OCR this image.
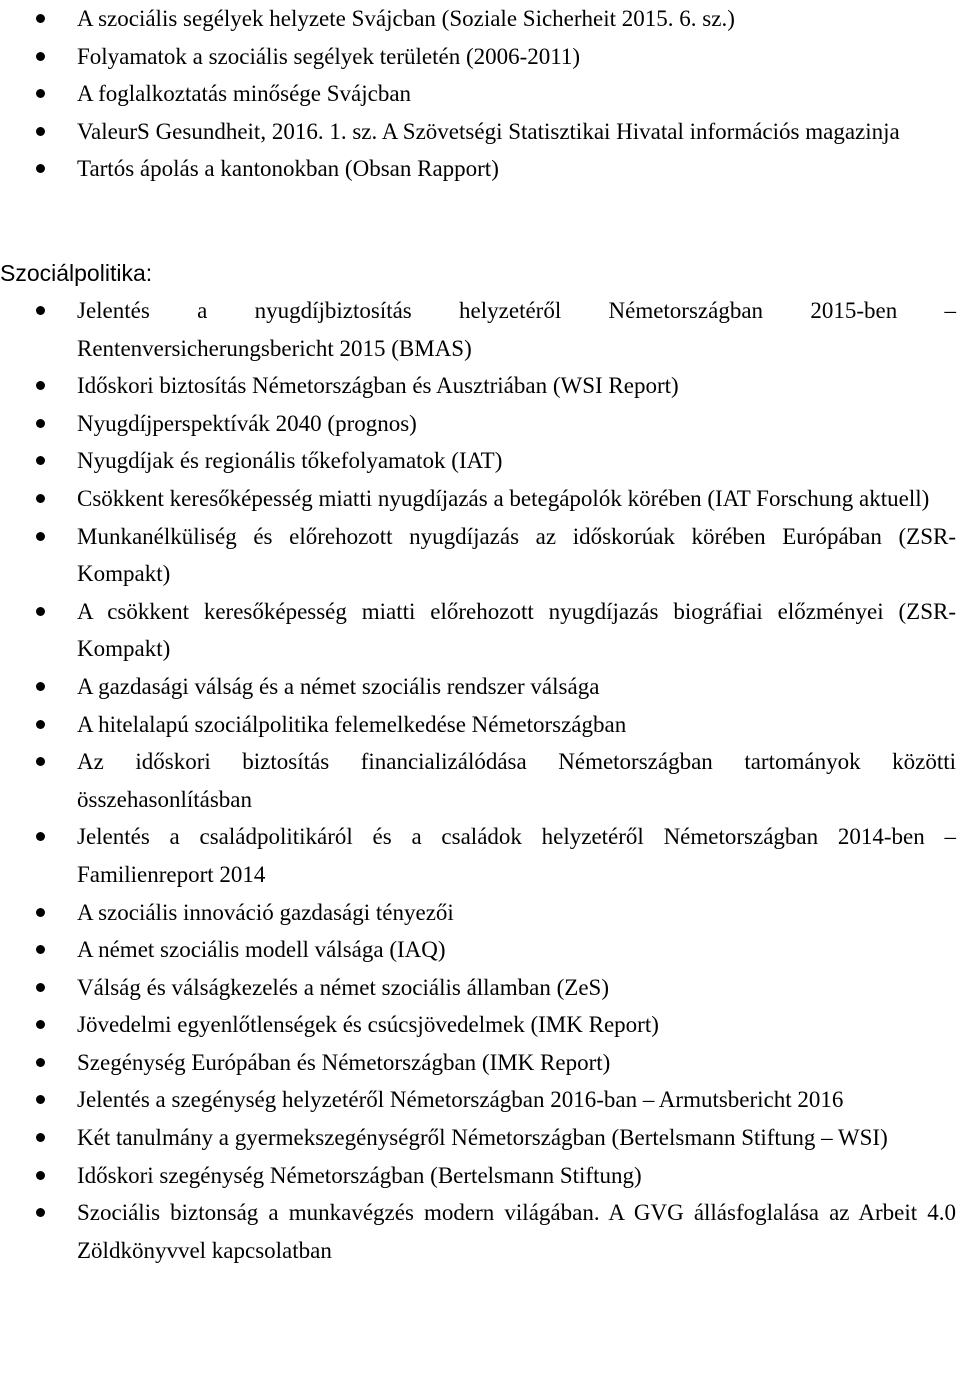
A szociális segélyek helyzete Svájcban (Soziale Sicherheit 2015. 6. sz.)
Folyamatok a szociális segélyek területén (2006-2011)
A foglalkoztatás minősége Svájcban
ValeurS Gesundheit, 2016. 1. sz. A Szövetségi Statisztikai Hivatal információs magazinja
Tartós ápolás a kantonokban (Obsan Rapport)
Szociálpolitika:
Jelentés a nyugdíjbiztosítás helyzetéről Németországban 2015-ben – Rentenversicherungsbericht 2015 (BMAS)
Időskori biztosítás Németországban és Ausztriában (WSI Report)
Nyugdíjperspektívák 2040 (prognos)
Nyugdíjak és regionális tőkefolyamatok (IAT)
Csökkent keresőképesség miatti nyugdíjazás a betegápolók körében (IAT Forschung aktuell)
Munkanélküliség és előrehozott nyugdíjazás az időskorúak körében Európában (ZSR-Kompakt)
A csökkent keresőképesség miatti előrehozott nyugdíjazás biográfiai előzményei (ZSR-Kompakt)
A gazdasági válság és a német szociális rendszer válsága
A hitelalapú szociálpolitika felemelkedése Németországban
Az időskori biztosítás financializálódása Németországban tartományok közötti összehasonlításban
Jelentés a családpolitikáról és a családok helyzetéről Németországban 2014-ben – Familienreport 2014
A szociális innováció gazdasági tényezői
A német szociális modell válsága (IAQ)
Válság és válságkezelés a német szociális államban (ZeS)
Jövedelmi egyenlőtlenségek és csúcsjövedelmek (IMK Report)
Szegénység Európában és Németországban (IMK Report)
Jelentés a szegénység helyzetéről Németországban 2016-ban – Armutsbericht 2016
Két tanulmány a gyermekszegénységről Németországban (Bertelsmann Stiftung – WSI)
Időskori szegénység Németországban (Bertelsmann Stiftung)
Szociális biztonság a munkavégzés modern világában. A GVG állásfoglalása az Arbeit 4.0 Zöldkönyvvel kapcsolatban
